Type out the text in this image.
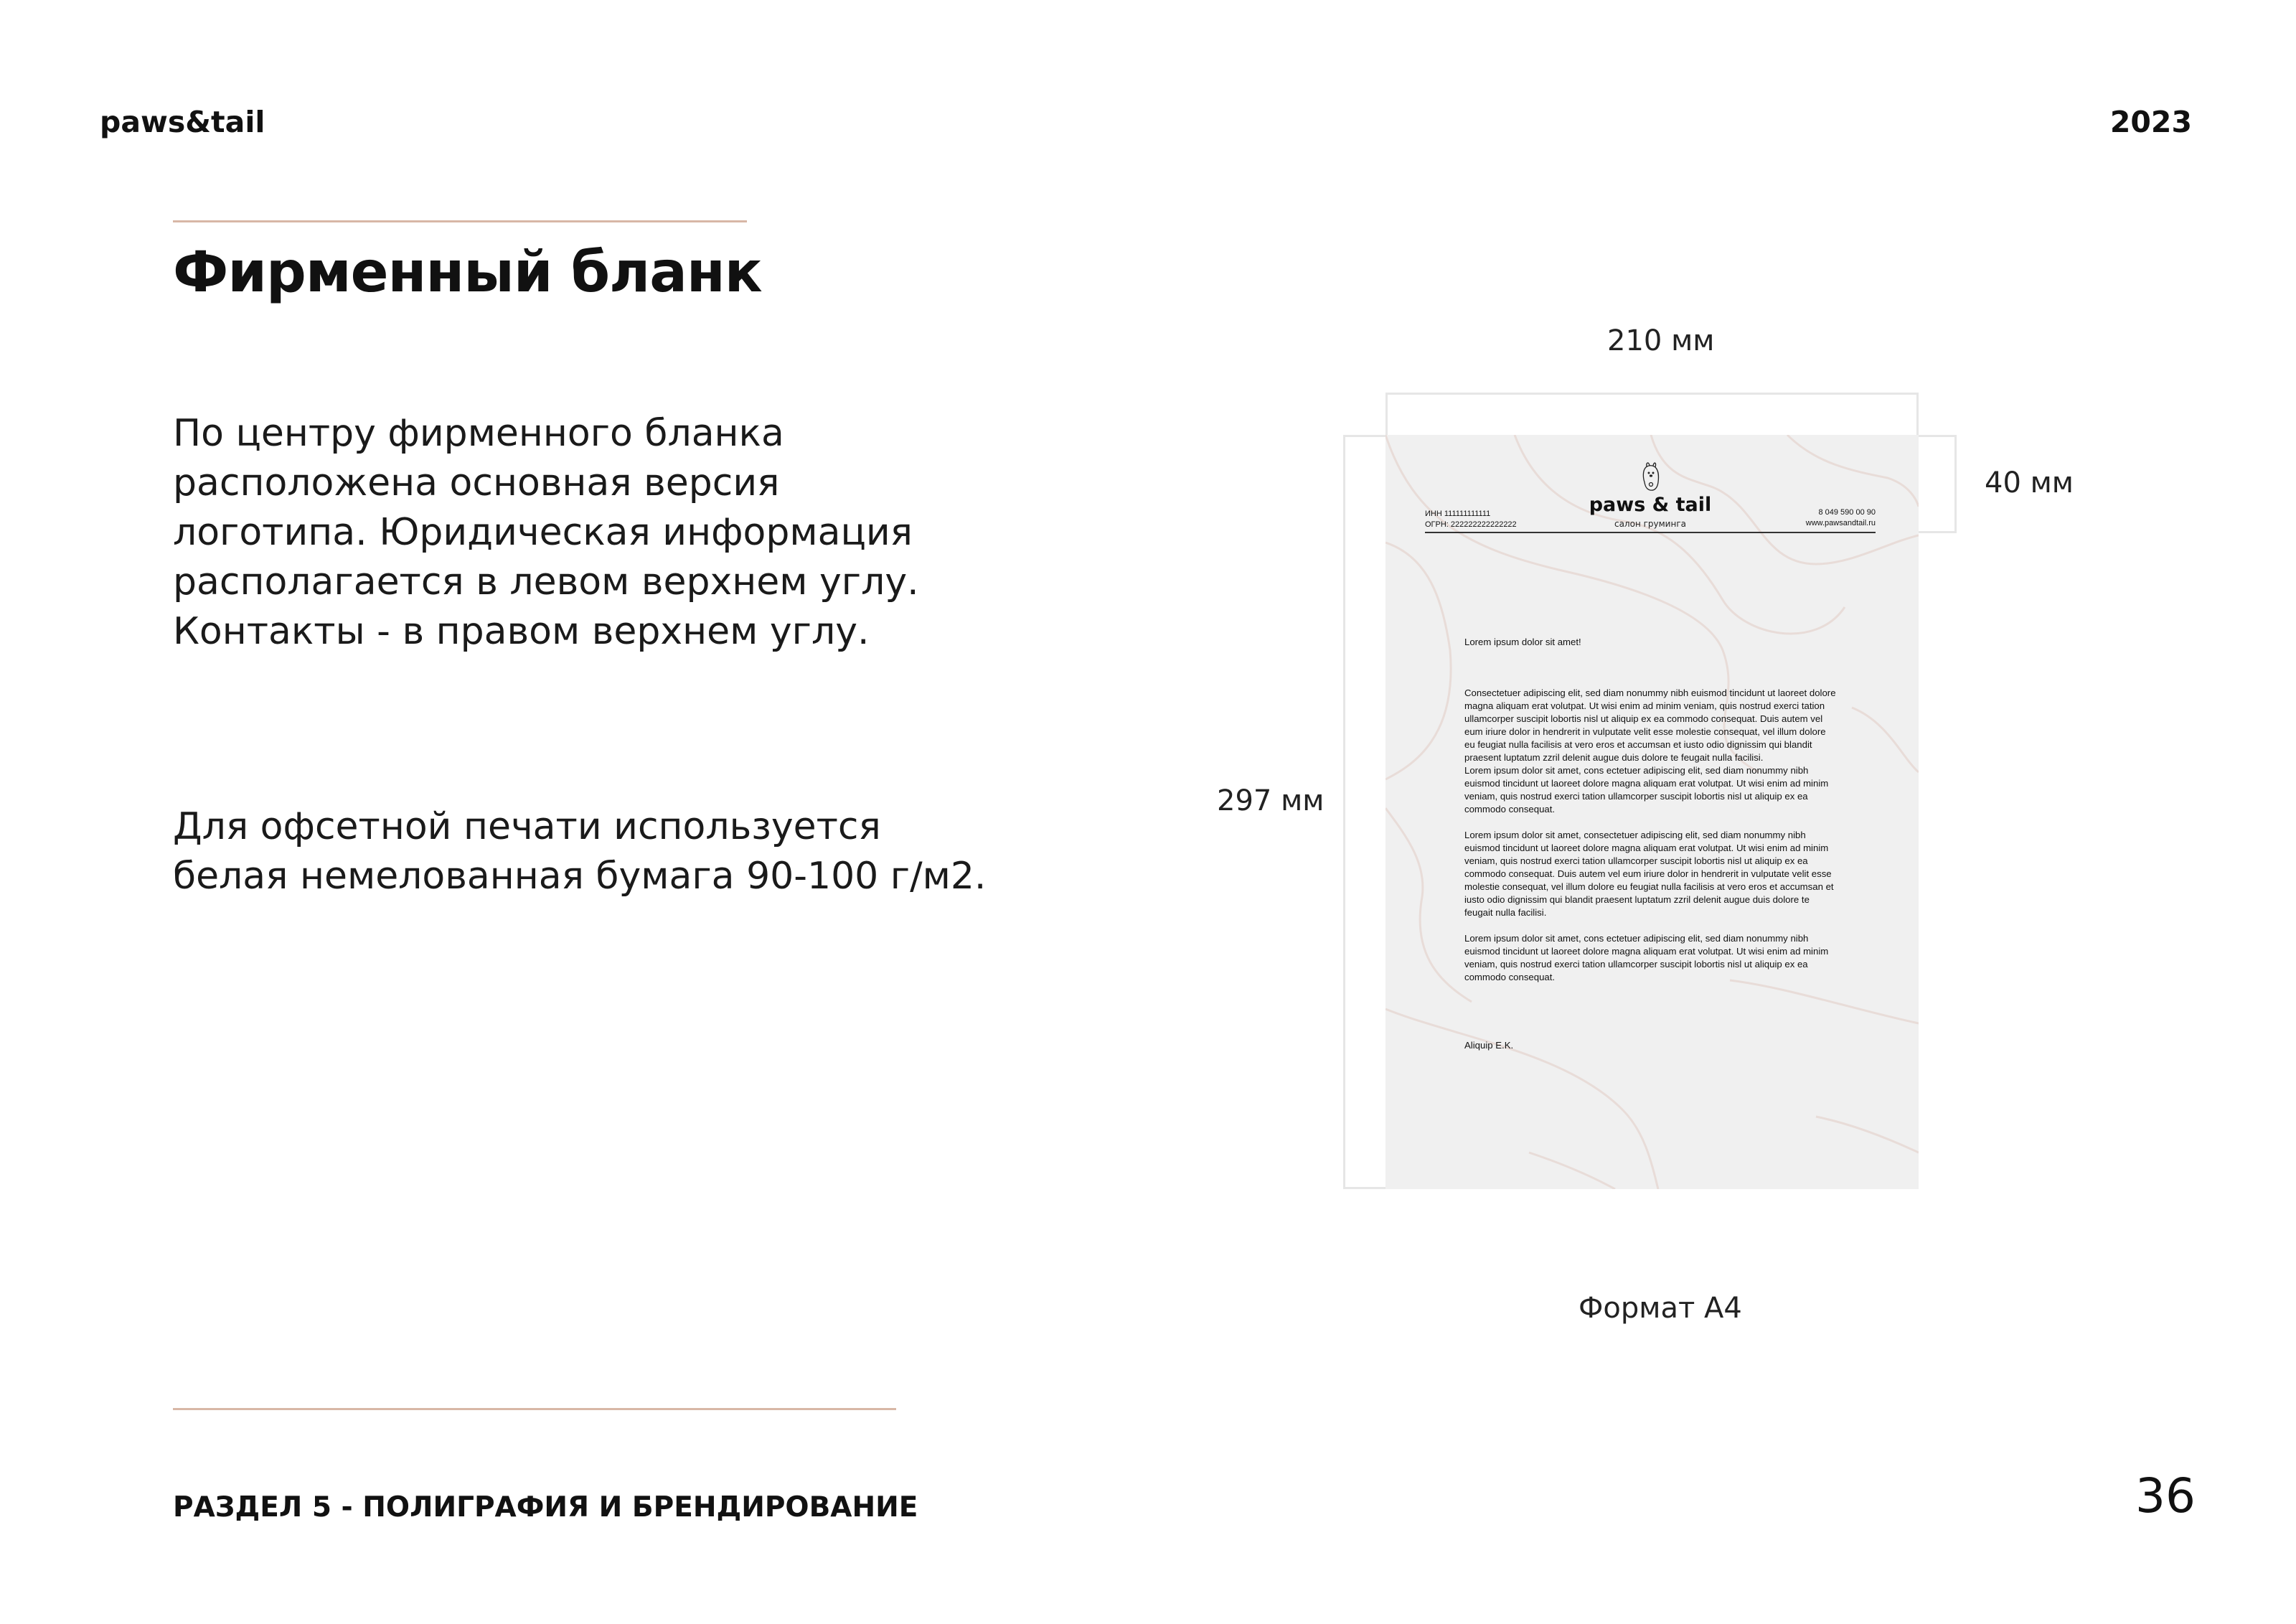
paws&tail	2023
Фирменный бланк
По центру фирменного бланка
расположена основная версия
логотипа. Юридическая информация
располагается в левом верхнем углу.
Контакты - в правом верхнем углу.
Для офсетной печати используется
белая немелованная бумага 90-100 г/м2.
210 мм
40 мм
297 мм
Формат А4
paws & tail
салон груминга
ИНН 111111111111
ОГРН: 222222222222222
8 049 590 00 90
www.pawsandtail.ru
Lorem ipsum dolor sit amet!
Consectetuer adipiscing elit, sed diam nonummy nibh euismod tincidunt ut laoreet dolore magna aliquam erat volutpat. Ut wisi enim ad minim veniam, quis nostrud exerci tation ullamcorper suscipit lobortis nisl ut aliquip ex ea commodo consequat. Duis autem vel eum iriure dolor in hendrerit in vulputate velit esse molestie consequat, vel illum dolore eu feugiat nulla facilisis at vero eros et accumsan et iusto odio dignissim qui blandit praesent luptatum zzril delenit augue duis dolore te feugait nulla facilisi.
Lorem ipsum dolor sit amet, cons ectetuer adipiscing elit, sed diam nonummy nibh euismod tincidunt ut laoreet dolore magna aliquam erat volutpat. Ut wisi enim ad minim veniam, quis nostrud exerci tation ullamcorper suscipit lobortis nisl ut aliquip ex ea commodo consequat.
Lorem ipsum dolor sit amet, consectetuer adipiscing elit, sed diam nonummy nibh euismod tincidunt ut laoreet dolore magna aliquam erat volutpat. Ut wisi enim ad minim veniam, quis nostrud exerci tation ullamcorper suscipit lobortis nisl ut aliquip ex ea commodo consequat. Duis autem vel eum iriure dolor in hendrerit in vulputate velit esse molestie consequat, vel illum dolore eu feugiat nulla facilisis at vero eros et accumsan et iusto odio dignissim qui blandit praesent luptatum zzril delenit augue duis dolore te feugait nulla facilisi.
Lorem ipsum dolor sit amet, cons ectetuer adipiscing elit, sed diam nonummy nibh euismod tincidunt ut laoreet dolore magna aliquam erat volutpat. Ut wisi enim ad minim veniam, quis nostrud exerci tation ullamcorper suscipit lobortis nisl ut aliquip ex ea commodo consequat.
Aliquip E.K.
РАЗДЕЛ 5 - ПОЛИГРАФИЯ И БРЕНДИРОВАНИЕ	36
